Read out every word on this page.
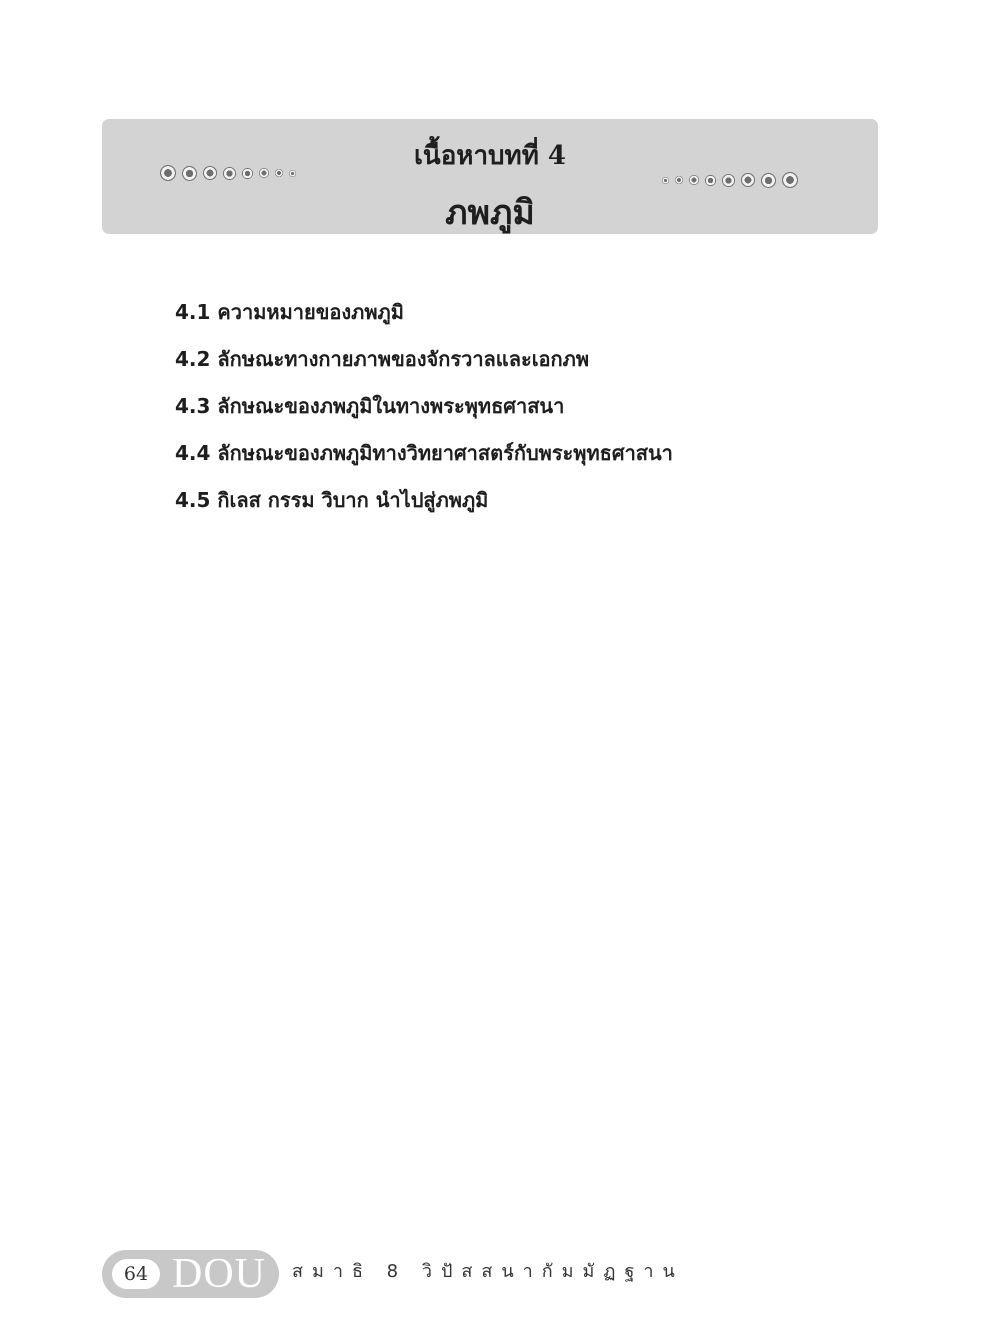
เนื้อหาบทที่ 4
ภพภูมิ
4.1 ความหมายของภพภูมิ
4.2 ลักษณะทางกายภาพของจักรวาลและเอกภพ
4.3 ลักษณะของภพภูมิในทางพระพุทธศาสนา
4.4 ลักษณะของภพภูมิทางวิทยาศาสตร์กับพระพุทธศาสนา
4.5 กิเลส กรรม วิบาก นำไปสู่ภพภูมิ
64 DOU สมาธิ 8 วิปัสสนากัมมัฏฐาน
